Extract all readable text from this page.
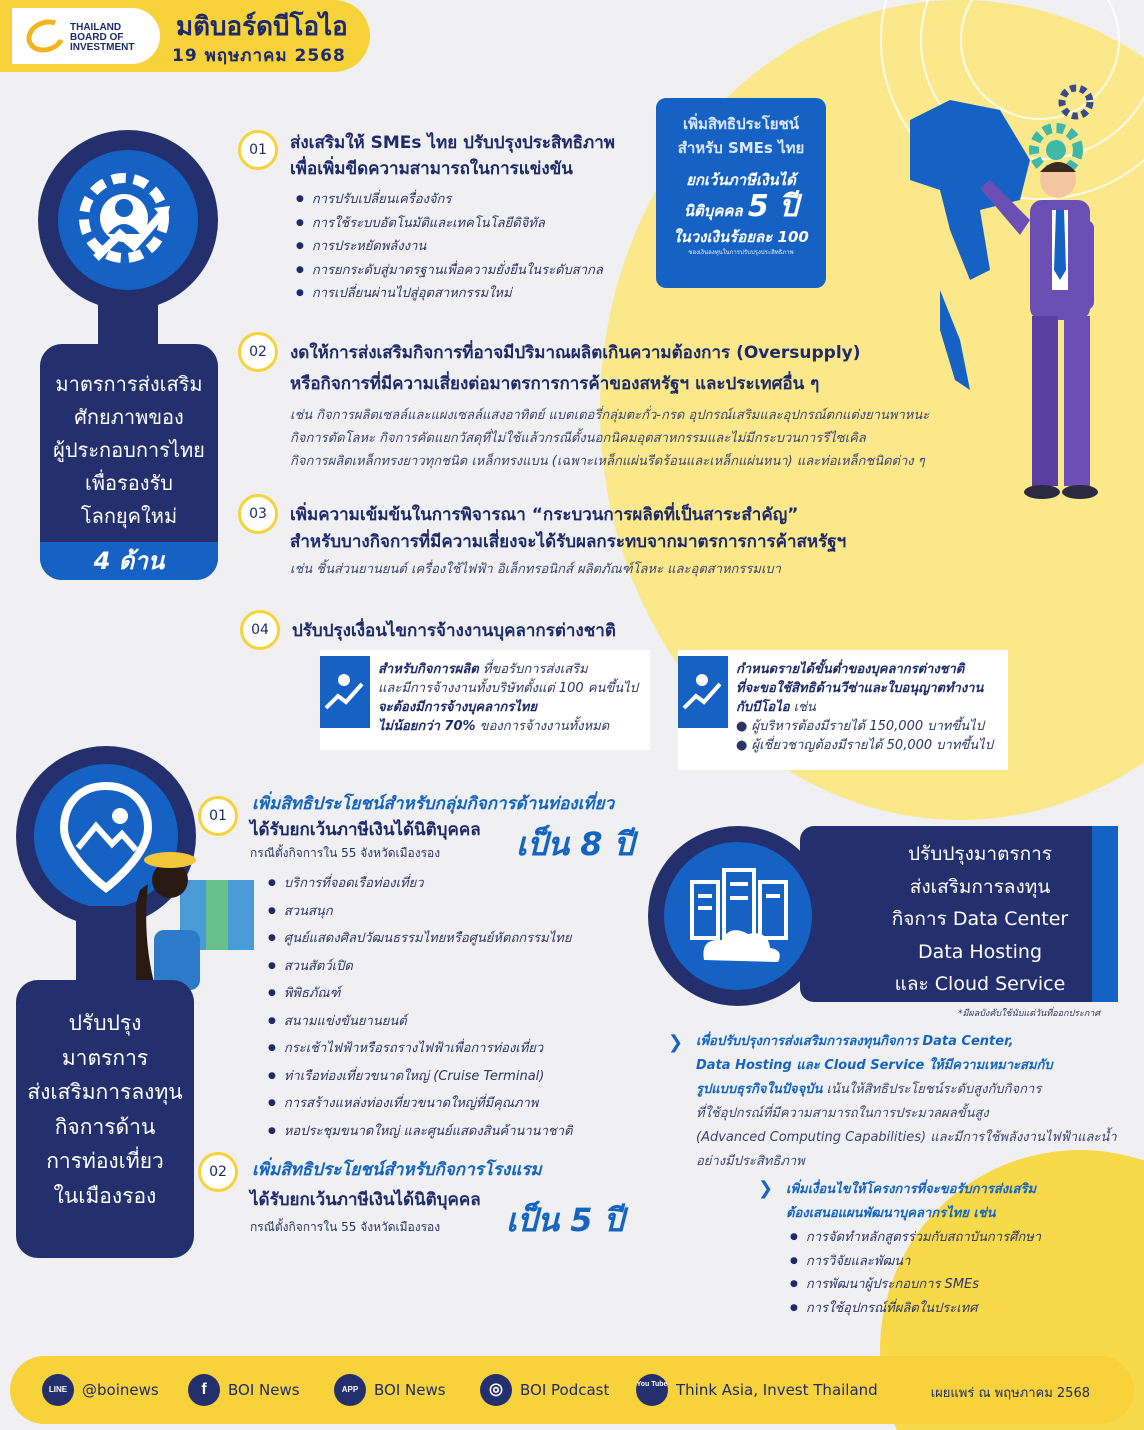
THAILAND
BOARD OF
INVESTMENT
มติบอร์ดบีโอไอ
19 พฤษภาคม 2568
มาตรการส่งเสริม
ศักยภาพของ
ผู้ประกอบการไทย
เพื่อรองรับ
โลกยุคใหม่
4 ด้าน
01	ส่งเสริมให้ SMEs ไทย ปรับปรุงประสิทธิภาพ
เพื่อเพิ่มขีดความสามารถในการแข่งขัน
● การปรับเปลี่ยนเครื่องจักร
● การใช้ระบบอัตโนมัติและเทคโนโลยีดิจิทัล
● การประหยัดพลังงาน
● การยกระดับสู่มาตรฐานเพื่อความยั่งยืนในระดับสากล
● การเปลี่ยนผ่านไปสู่อุตสาหกรรมใหม่
เพิ่มสิทธิประโยชน์
สำหรับ SMEs ไทย
ยกเว้นภาษีเงินได้
นิติบุคคล 5 ปี
ในวงเงินร้อยละ 100
ของเงินลงทุนในการปรับปรุงประสิทธิภาพ
02	งดให้การส่งเสริมกิจการที่อาจมีปริมาณผลิตเกินความต้องการ (Oversupply)
หรือกิจการที่มีความเสี่ยงต่อมาตรการการค้าของสหรัฐฯ และประเทศอื่น ๆ
เช่น กิจการผลิตเซลล์และแผงเซลล์แสงอาทิตย์ แบตเตอรี่กลุ่มตะกั่ว-กรด อุปกรณ์เสริมและอุปกรณ์ตกแต่งยานพาหนะ
กิจการตัดโลหะ กิจการคัดแยกวัสดุที่ไม่ใช้แล้วกรณีตั้งนอกนิคมอุตสาหกรรมและไม่มีกระบวนการรีไซเคิล
กิจการผลิตเหล็กทรงยาวทุกชนิด เหล็กทรงแบน (เฉพาะเหล็กแผ่นรีดร้อนและเหล็กแผ่นหนา) และท่อเหล็กชนิดต่าง ๆ
03	เพิ่มความเข้มข้นในการพิจารณา “กระบวนการผลิตที่เป็นสาระสำคัญ”
สำหรับบางกิจการที่มีความเสี่ยงจะได้รับผลกระทบจากมาตรการการค้าสหรัฐฯ
เช่น ชิ้นส่วนยานยนต์ เครื่องใช้ไฟฟ้า อิเล็กทรอนิกส์ ผลิตภัณฑ์โลหะ และอุตสาหกรรมเบา
04	ปรับปรุงเงื่อนไขการจ้างงานบุคลากรต่างชาติ
สำหรับกิจการผลิต ที่ขอรับการส่งเสริม
และมีการจ้างงานทั้งบริษัทตั้งแต่ 100 คนขึ้นไป
จะต้องมีการจ้างบุคลากรไทย
ไม่น้อยกว่า 70% ของการจ้างงานทั้งหมด
กำหนดรายได้ขั้นต่ำของบุคลากรต่างชาติ
ที่จะขอใช้สิทธิด้านวีซ่าและใบอนุญาตทำงาน
กับบีโอไอ เช่น
● ผู้บริหารต้องมีรายได้ 150,000 บาทขึ้นไป
● ผู้เชี่ยวชาญต้องมีรายได้ 50,000 บาทขึ้นไป
ปรับปรุง
มาตรการ
ส่งเสริมการลงทุน
กิจการด้าน
การท่องเที่ยว
ในเมืองรอง
01
เพิ่มสิทธิประโยชน์สำหรับกลุ่มกิจการด้านท่องเที่ยว
ได้รับยกเว้นภาษีเงินได้นิติบุคคล
กรณีตั้งกิจการใน 55 จังหวัดเมืองรอง เป็น 8 ปี
● บริการที่จอดเรือท่องเที่ยว
● สวนสนุก
● ศูนย์แสดงศิลปวัฒนธรรมไทยหรือศูนย์หัตถกรรมไทย
● สวนสัตว์เปิด
● พิพิธภัณฑ์
● สนามแข่งขันยานยนต์
● กระเช้าไฟฟ้าหรือรถรางไฟฟ้าเพื่อการท่องเที่ยว
● ท่าเรือท่องเที่ยวขนาดใหญ่ (Cruise Terminal)
● การสร้างแหล่งท่องเที่ยวขนาดใหญ่ที่มีคุณภาพ
● หอประชุมขนาดใหญ่ และศูนย์แสดงสินค้านานาชาติ
02	เพิ่มสิทธิประโยชน์สำหรับกิจการโรงแรม
ได้รับยกเว้นภาษีเงินได้นิติบุคคล
กรณีตั้งกิจการใน 55 จังหวัดเมืองรอง เป็น 5 ปี
ปรับปรุงมาตรการ
ส่งเสริมการลงทุน
กิจการ Data Center
Data Hosting
และ Cloud Service
*มีผลบังคับใช้นับแต่วันที่ออกประกาศ
❯ เพื่อปรับปรุงการส่งเสริมการลงทุนกิจการ Data Center,
Data Hosting และ Cloud Service ให้มีความเหมาะสมกับ
รูปแบบธุรกิจในปัจจุบัน เน้นให้สิทธิประโยชน์ระดับสูงกับกิจการ
ที่ใช้อุปกรณ์ที่มีความสามารถในการประมวลผลขั้นสูง
(Advanced Computing Capabilities) และมีการใช้พลังงานไฟฟ้าและน้ำ
อย่างมีประสิทธิภาพ
❯ เพิ่มเงื่อนไขให้โครงการที่จะขอรับการส่งเสริม
ต้องเสนอแผนพัฒนาบุคลากรไทย เช่น
● การจัดทำหลักสูตรร่วมกับสถาบันการศึกษา
● การวิจัยและพัฒนา
● การพัฒนาผู้ประกอบการ SMEs
● การใช้อุปกรณ์ที่ผลิตในประเทศ
LINE @boinews	f	BOI News	APP	BOI News	◎	BOI Podcast	You Tube Think Asia, Invest Thailand	เผยแพร่ ณ พฤษภาคม 2568
